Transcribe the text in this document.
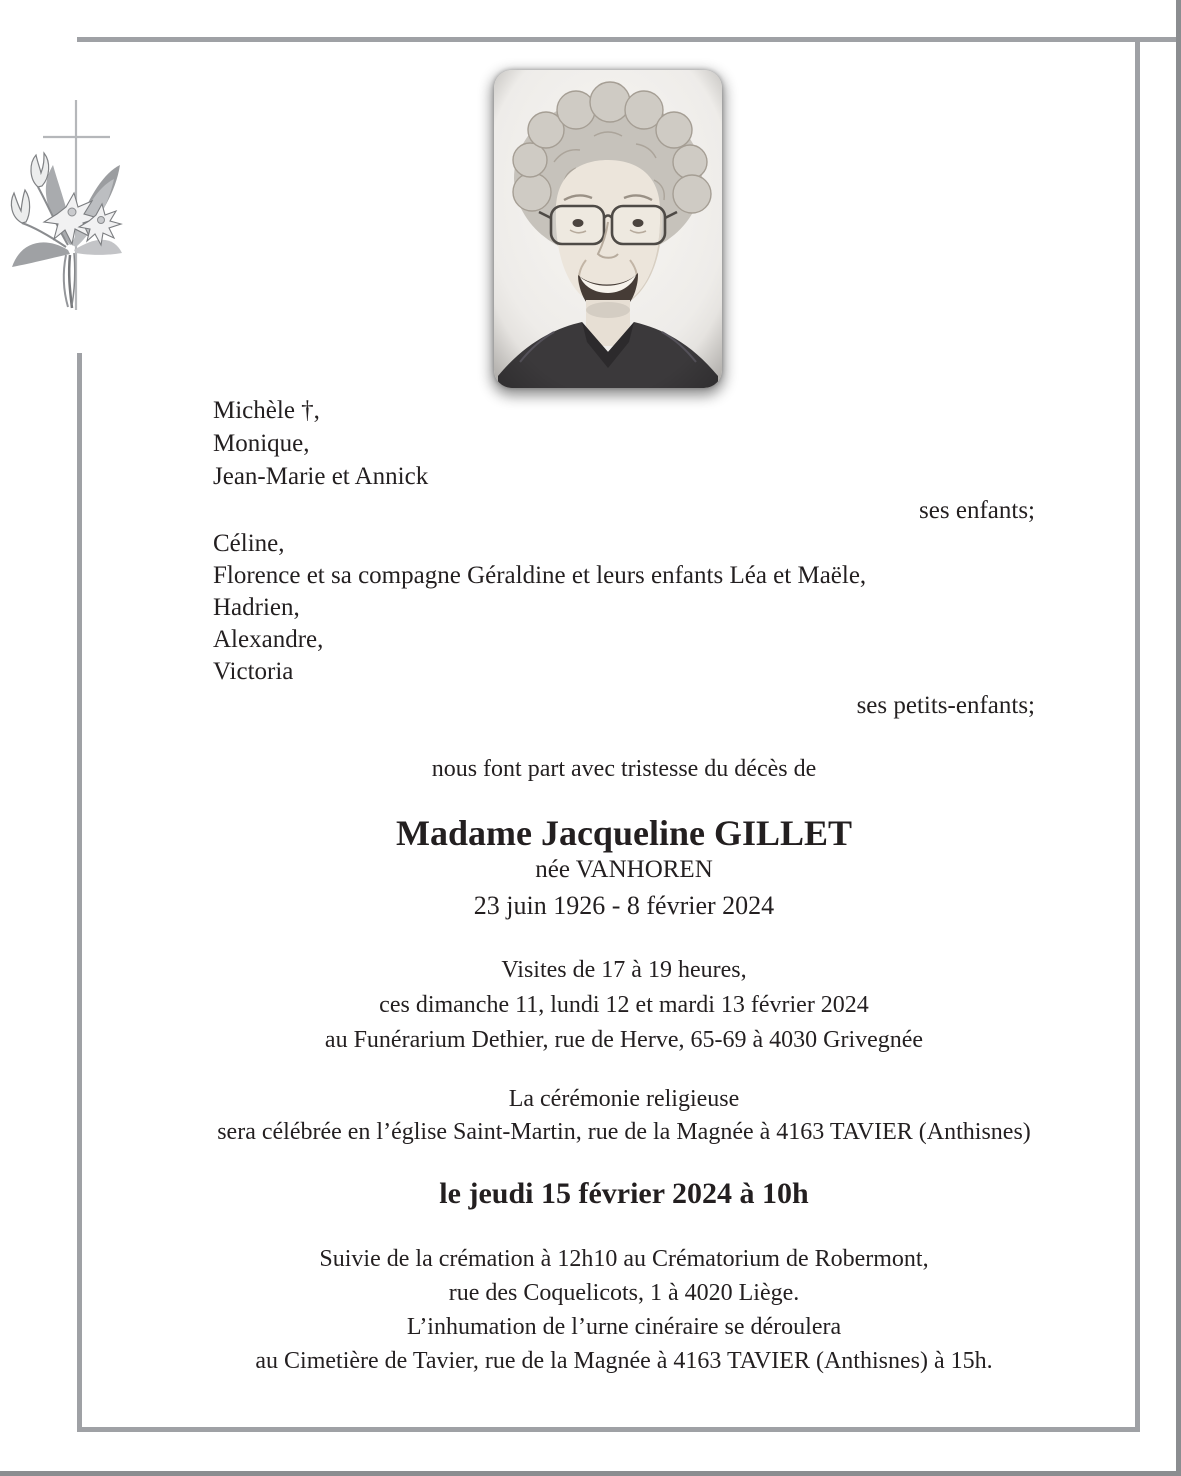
Michèle †,
Monique,
Jean-Marie et Annick
ses enfants;
Céline,
Florence et sa compagne Géraldine et leurs enfants Léa et Maële,
Hadrien,
Alexandre,
Victoria
ses petits-enfants;
nous font part avec tristesse du décès de
Madame Jacqueline GILLET
née VANHOREN
23 juin 1926 - 8 février 2024
Visites de 17 à 19 heures,
ces dimanche 11, lundi 12 et mardi 13 février 2024
au Funérarium Dethier, rue de Herve, 65-69 à 4030 Grivegnée
La cérémonie religieuse
sera célébrée en l’église Saint-Martin, rue de la Magnée à 4163 TAVIER (Anthisnes)
le jeudi 15 février 2024 à 10h
Suivie de la crémation à 12h10 au Crématorium de Robermont,
rue des Coquelicots, 1 à 4020 Liège.
L’inhumation de l’urne cinéraire se déroulera
au Cimetière de Tavier, rue de la Magnée à 4163 TAVIER (Anthisnes) à 15h.
